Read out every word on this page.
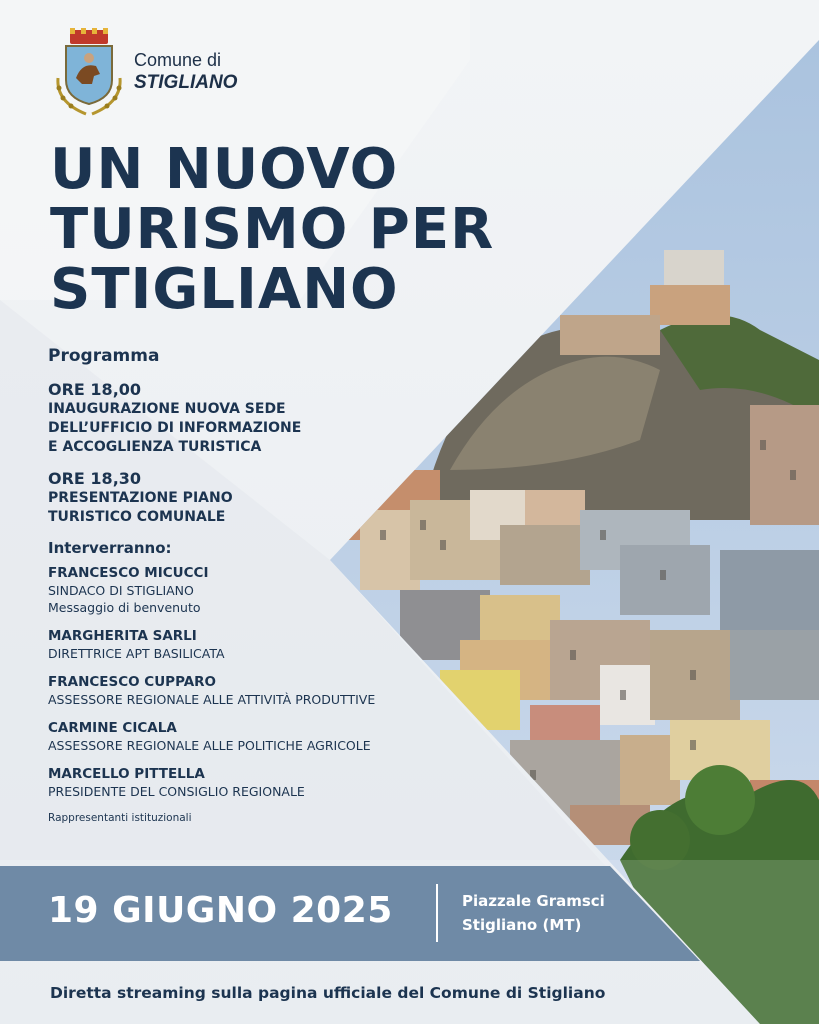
Comune di
STIGLIANO
UN NUOVO
TURISMO PER
STIGLIANO
Programma
ORE 18,00
INAUGURAZIONE NUOVA SEDE
DELL’UFFICIO DI INFORMAZIONE
E ACCOGLIENZA TURISTICA
ORE 18,30
PRESENTAZIONE PIANO
TURISTICO COMUNALE
Interverranno:
FRANCESCO MICUCCI
SINDACO DI STIGLIANO
Messaggio di benvenuto
MARGHERITA SARLI
DIRETTRICE APT BASILICATA
FRANCESCO CUPPARO
ASSESSORE REGIONALE ALLE ATTIVITÀ PRODUTTIVE
CARMINE CICALA
ASSESSORE REGIONALE ALLE POLITICHE AGRICOLE
MARCELLO PITTELLA
PRESIDENTE DEL CONSIGLIO REGIONALE
Rappresentanti istituzionali
19 GIUGNO 2025	Piazzale Gramsci
Stigliano (MT)
Diretta streaming sulla pagina ufficiale del Comune di Stigliano
